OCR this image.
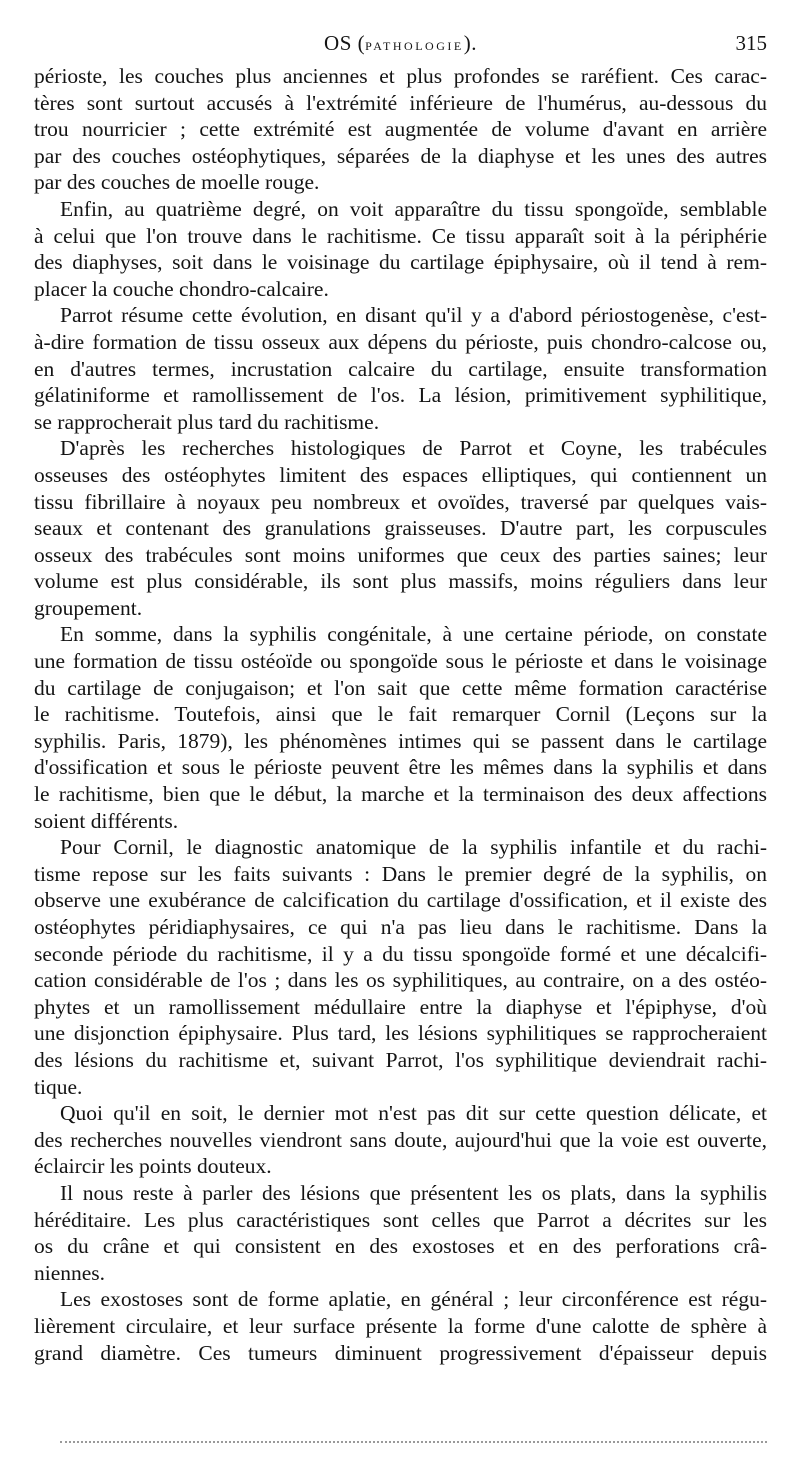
OS (PATHOLOGIE).	315
périoste, les couches plus anciennes et plus profondes se raréfient. Ces carac-
tères sont surtout accusés à l'extrémité inférieure de l'humérus, au-dessous du
trou nourricier ; cette extrémité est augmentée de volume d'avant en arrière
par des couches ostéophytiques, séparées de la diaphyse et les unes des autres
par des couches de moelle rouge.
Enfin, au quatrième degré, on voit apparaître du tissu spongoïde, semblable
à celui que l'on trouve dans le rachitisme. Ce tissu apparaît soit à la périphérie
des diaphyses, soit dans le voisinage du cartilage épiphysaire, où il tend à rem-
placer la couche chondro-calcaire.
Parrot résume cette évolution, en disant qu'il y a d'abord périostogenèse, c'est-
à-dire formation de tissu osseux aux dépens du périoste, puis chondro-calcose ou,
en d'autres termes, incrustation calcaire du cartilage, ensuite transformation
gélatiniforme et ramollissement de l'os. La lésion, primitivement syphilitique,
se rapprocherait plus tard du rachitisme.
D'après les recherches histologiques de Parrot et Coyne, les trabécules
osseuses des ostéophytes limitent des espaces elliptiques, qui contiennent un
tissu fibrillaire à noyaux peu nombreux et ovoïdes, traversé par quelques vais-
seaux et contenant des granulations graisseuses. D'autre part, les corpuscules
osseux des trabécules sont moins uniformes que ceux des parties saines; leur
volume est plus considérable, ils sont plus massifs, moins réguliers dans leur
groupement.
En somme, dans la syphilis congénitale, à une certaine période, on constate
une formation de tissu ostéoïde ou spongoïde sous le périoste et dans le voisinage
du cartilage de conjugaison; et l'on sait que cette même formation caractérise
le rachitisme. Toutefois, ainsi que le fait remarquer Cornil (Leçons sur la
syphilis. Paris, 1879), les phénomènes intimes qui se passent dans le cartilage
d'ossification et sous le périoste peuvent être les mêmes dans la syphilis et dans
le rachitisme, bien que le début, la marche et la terminaison des deux affections
soient différents.
Pour Cornil, le diagnostic anatomique de la syphilis infantile et du rachi-
tisme repose sur les faits suivants : Dans le premier degré de la syphilis, on
observe une exubérance de calcification du cartilage d'ossification, et il existe des
ostéophytes péridiaphysaires, ce qui n'a pas lieu dans le rachitisme. Dans la
seconde période du rachitisme, il y a du tissu spongoïde formé et une décalcifi-
cation considérable de l'os ; dans les os syphilitiques, au contraire, on a des ostéo-
phytes et un ramollissement médullaire entre la diaphyse et l'épiphyse, d'où
une disjonction épiphysaire. Plus tard, les lésions syphilitiques se rapprocheraient
des lésions du rachitisme et, suivant Parrot, l'os syphilitique deviendrait rachi-
tique.
Quoi qu'il en soit, le dernier mot n'est pas dit sur cette question délicate, et
des recherches nouvelles viendront sans doute, aujourd'hui que la voie est ouverte,
éclaircir les points douteux.
Il nous reste à parler des lésions que présentent les os plats, dans la syphilis
héréditaire. Les plus caractéristiques sont celles que Parrot a décrites sur les
os du crâne et qui consistent en des exostoses et en des perforations crâ-
niennes.
Les exostoses sont de forme aplatie, en général ; leur circonférence est régu-
lièrement circulaire, et leur surface présente la forme d'une calotte de sphère à
grand diamètre. Ces tumeurs diminuent progressivement d'épaisseur depuis
